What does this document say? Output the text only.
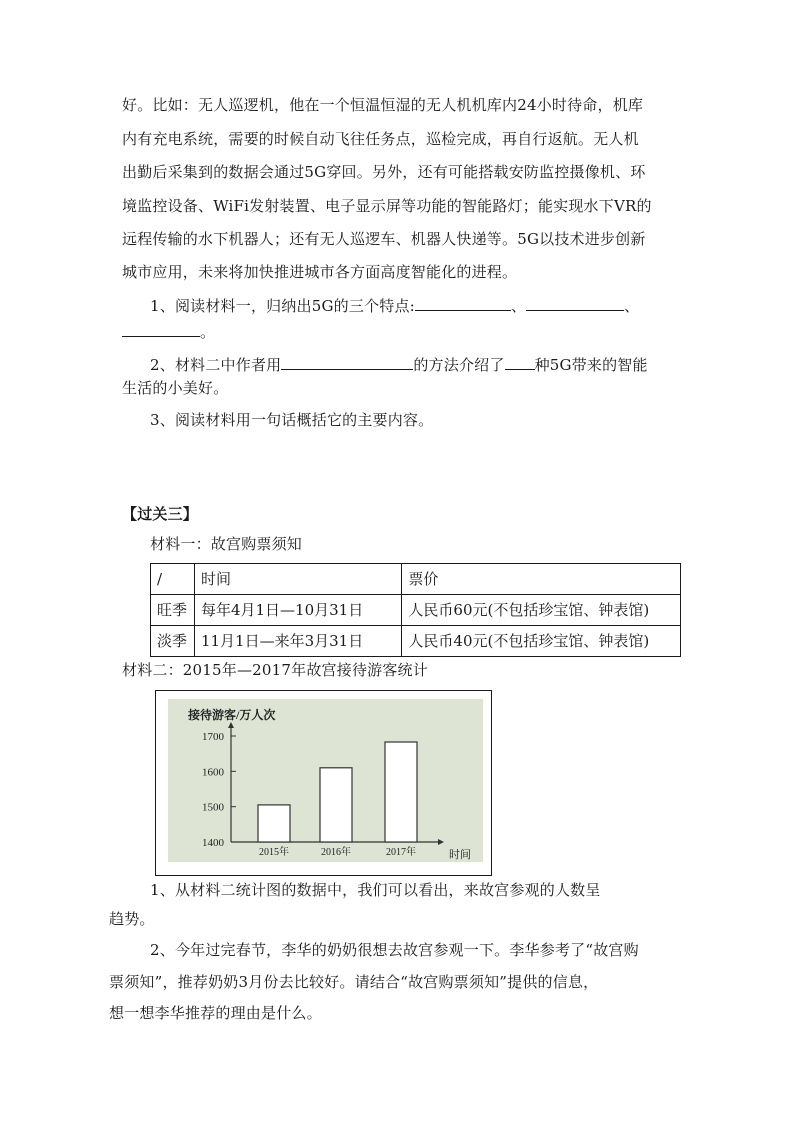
好。比如：无人巡逻机，他在一个恒温恒湿的无人机机库内24小时待命，机库
内有充电系统，需要的时候自动飞往任务点，巡检完成，再自行返航。无人机
出勤后采集到的数据会通过5G穿回。另外，还有可能搭载安防监控摄像机、环
境监控设备、WiFi发射装置、电子显示屏等功能的智能路灯；能实现水下VR的
远程传输的水下机器人；还有无人巡逻车、机器人快递等。5G以技术进步创新
城市应用，未来将加快推进城市各方面高度智能化的进程。
1、阅读材料一，归纳出5G的三个特点:	、	、
。
2、材料二中作者用	的方法介绍了 种5G带来的智能
生活的小美好。
3、阅读材料用一句话概括它的主要内容。
【过关三】
材料一：故宫购票须知
/	时间	票价
旺季	每年4月1日—10月31日	人民币60元(不包括珍宝馆、钟表馆)
淡季	11月1日—来年3月31日	人民币40元(不包括珍宝馆、钟表馆)
材料二：2015年—2017年故宫接待游客统计
接待游客/万人次
1400
1500
1600
1700
2015年	2016年	2017年	时间
1、从材料二统计图的数据中，我们可以看出，来故宫参观的人数呈
趋势。
2、今年过完春节，李华的奶奶很想去故宫参观一下。李华参考了“故宫购
票须知”，推荐奶奶3月份去比较好。请结合“故宫购票须知”提供的信息，
想一想李华推荐的理由是什么。
